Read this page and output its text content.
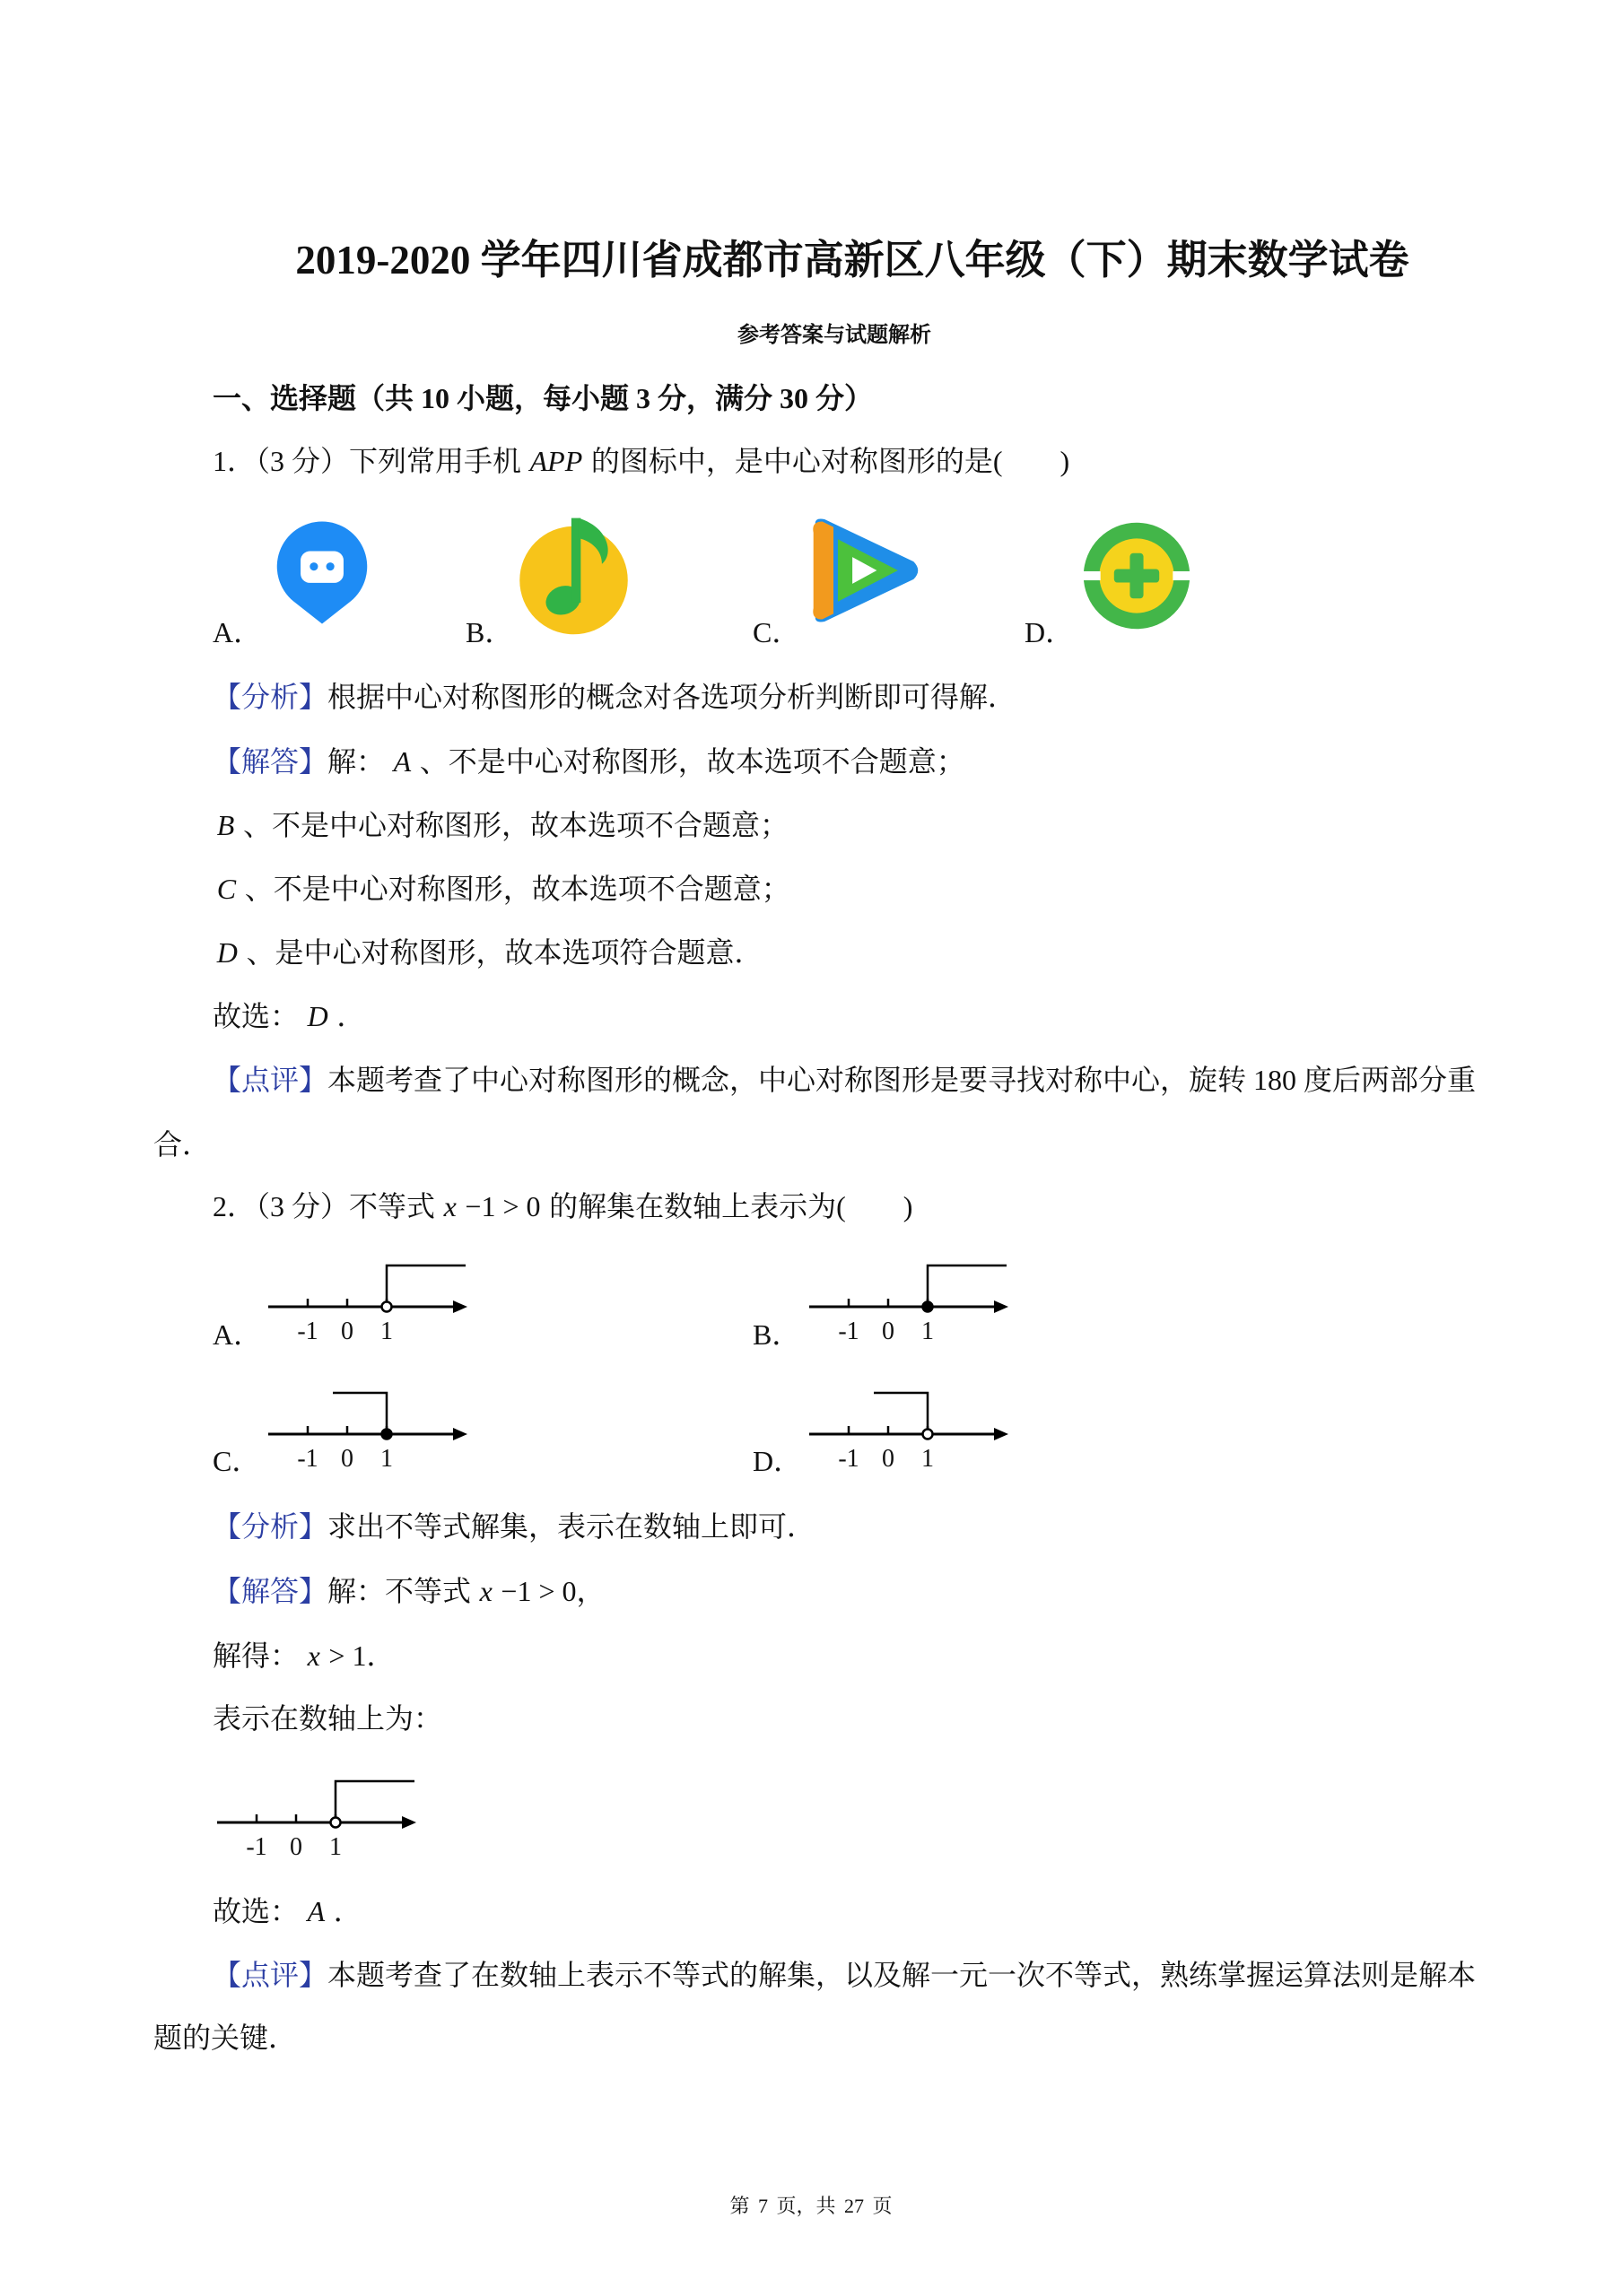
2019-2020 学年四川省成都市高新区八年级（下）期末数学试卷
参考答案与试题解析
一、选择题（共 10 小题，每小题 3 分，满分 30 分）
1．（3 分）下列常用手机 APP 的图标中，是中心对称图形的是(　　)
A．	B．	C．	D．
【分析】根据中心对称图形的概念对各选项分析判断即可得解．
【解答】解： A 、不是中心对称图形，故本选项不合题意；
B 、不是中心对称图形，故本选项不合题意；
C 、不是中心对称图形，故本选项不合题意；
D 、是中心对称图形，故本选项符合题意．
故选： D ．
【点评】本题考查了中心对称图形的概念，中心对称图形是要寻找对称中心，旋转 180 度后两部分重合．
2．（3 分）不等式 x −1 > 0 的解集在数轴上表示为(　　)
A． -1 0 1	B． -1 0 1
C． -1 0 1	D． -1 0 1
【分析】求出不等式解集，表示在数轴上即可．
【解答】解：不等式 x −1 > 0，
解得： x > 1．
表示在数轴上为：
-1 0 1
故选： A ．
【点评】本题考查了在数轴上表示不等式的解集，以及解一元一次不等式，熟练掌握运算法则是解本题的关键．
第 7 页，共 27 页
